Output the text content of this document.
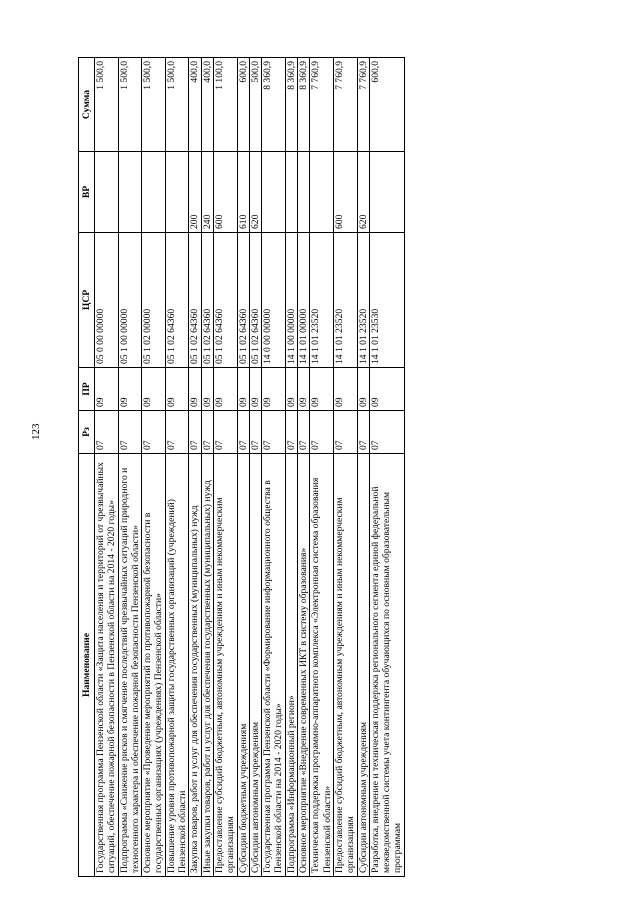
123
Наименование	Рз	ПР	ЦСР	ВР	Сумма
Государственная программа Пензенской области «Защита населения и территорий от чрезвычайных ситуаций, обеспечение пожарной безопасности в Пензенской области на 2014 - 2020 годы»	07	09	05 0 00 00000		1 500,0
Подпрограмма «Снижение рисков и смягчение последствий чрезвычайных ситуаций природного и техногенного характера и обеспечение пожарной безопасности Пензенской области»	07	09	05 1 00 00000		1 500,0
Основное мероприятие «Проведение мероприятий по противопожарной безопасности в государственных организациях (учреждениях) Пензенской области»	07	09	05 1 02 00000		1 500,0
Повышение уровня противопожарной защиты государственных организаций (учреждений) Пензенской области	07	09	05 1 02 64360		1 500,0
Закупка товаров, работ и услуг для обеспечения государственных (муниципальных) нужд	07	09	05 1 02 64360	200	400,0
Иные закупки товаров, работ и услуг для обеспечения государственных (муниципальных) нужд	07	09	05 1 02 64360	240	400,0
Предоставление субсидий бюджетным, автономным учреждениям и иным некоммерческим организациям	07	09	05 1 02 64360	600	1 100,0
Субсидии бюджетным учреждениям	07	09	05 1 02 64360	610	600,0
Субсидии автономным учреждениям	07	09	05 1 02 64360	620	500,0
Государственная программа Пензенской области «Формирование информационного общества в Пензенской области на 2014 - 2020 годы»	07	09	14 0 00 00000		8 360,9
Подпрограмма «Информационный регион»	07	09	14 1 00 00000		8 360,9
Основное мероприятие «Внедрение современных ИКТ в систему образования»	07	09	14 1 01 00000		8 360,9
Техническая поддержка программно-аппаратного комплекса «Электронная система образования Пензенской области»	07	09	14 1 01 23520		7 760,9
Предоставление субсидий бюджетным, автономным учреждениям и иным некоммерческим организациям	07	09	14 1 01 23520	600	7 760,9
Субсидии автономным учреждениям	07	09	14 1 01 23520	620	7 760,9
Разработка, внедрение и техническая поддержка регионального сегмента единой федеральной межведомственной системы учета контингента обучающихся по основным образовательным программам	07	09	14 1 01 23530		600,0
